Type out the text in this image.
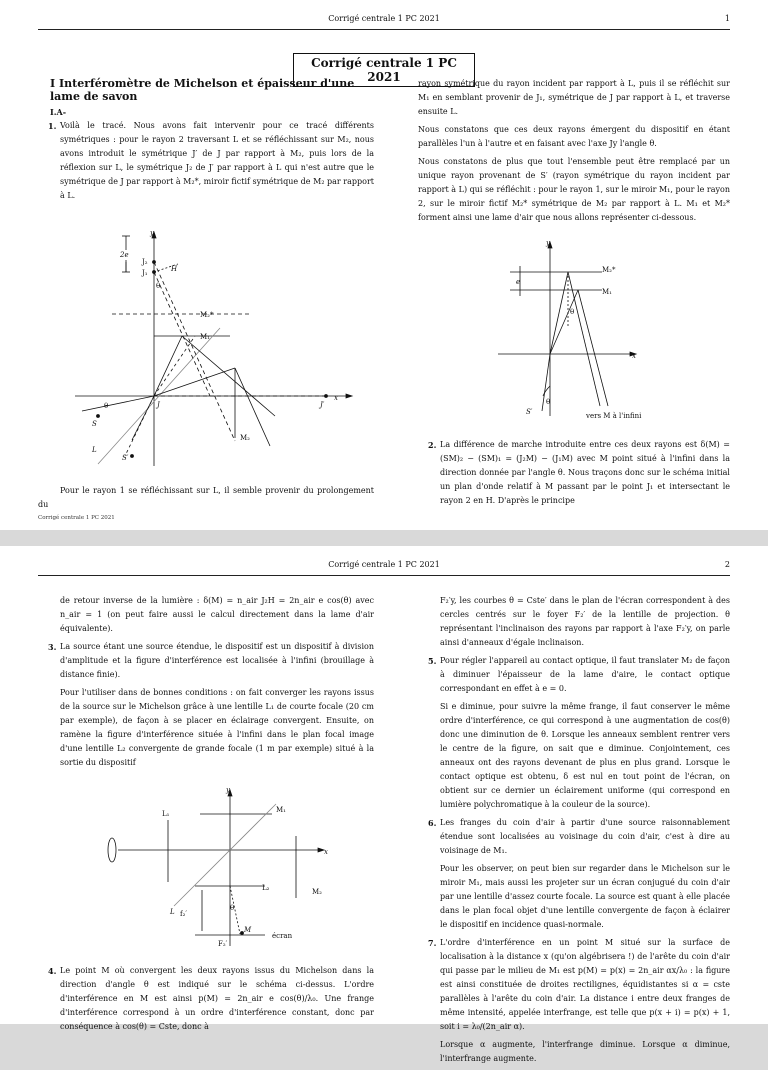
Corrigé centrale 1 PC 2021	1
Corrigé centrale 1 PC 2021
I Interféromètre de Michelson et épaisseur d'une lame de savon
I.A-
1. Voilà le tracé. Nous avons fait intervenir pour ce tracé différents symétriques : pour le rayon 2 traversant L et se réfléchissant sur M₂, nous avons introduit le symétrique J′ de J par rapport à M₂, puis lors de la réflexion sur L, le symétrique J₂ de J′ par rapport à L qui n'est autre que le symétrique de J par rapport à M₂*, miroir fictif symétrique de M₂ par rapport à L.

y
x
J₂
J₁	H
2e
θ
M₂*
M₁
M₂
J	J′
S
S′
L
θ

Pour le rayon 1 se réfléchissant sur L, il semble provenir du prolongement du

rayon symétrique du rayon incident par rapport à L, puis il se réfléchit sur M₁ en semblant provenir de J₁, symétrique de J par rapport à L, et traverse ensuite L.

Nous constatons que ces deux rayons émergent du dispositif en étant parallèles l'un à l'autre et en faisant avec l'axe Jy l'angle θ.

Nous constatons de plus que tout l'ensemble peut être remplacé par un unique rayon provenant de S′ (rayon symétrique du rayon incident par rapport à L) qui se réfléchit : pour le rayon 1, sur le miroir M₁, pour le rayon 2, sur le miroir fictif M₂* symétrique de M₂ par rapport à L. M₁ et M₂* forment ainsi une lame d'air que nous allons représenter ci-dessous.

y
x
e
M₂*
M₁
θ
θ
S′	vers M à l'infini
2. La différence de marche introduite entre ces deux rayons est δ(M) = (SM)₂ − (SM)₁ = (J₂M) − (J₁M) avec M point situé à l'infini dans la direction donnée par l'angle θ. Nous traçons donc sur le schéma initial un plan d'onde relatif à M passant par le point J₁ et intersectant le rayon 2 en H. D'après le principe

Corrigé centrale 1 PC 2021
Corrigé centrale 1 PC 2021	2

de retour inverse de la lumière : δ(M) = n_air J₂H = 2n_air e cos(θ) avec n_air = 1 (on peut faire aussi le calcul directement dans la lame d'air équivalente).

3. La source étant une source étendue, le dispositif est un dispositif à division d'amplitude et la figure d'interférence est localisée à l'infini (brouillage à distance finie).

Pour l'utiliser dans de bonnes conditions : on fait converger les rayons issus de la source sur le Michelson grâce à une lentille L₁ de courte focale (20 cm par exemple), de façon à se placer en éclairage convergent. Ensuite, on ramène la figure d'interférence située à l'infini dans le plan focal image d'une lentille L₂ convergente de grande focale (1 m par exemple) situé à la sortie du dispositif

y
x
M₁
M₂
L₁
L₂
L f₂′
F₂′
θ
M
écran
4. Le point M où convergent les deux rayons issus du Michelson dans la direction d'angle θ est indiqué sur le schéma ci-dessus. L'ordre d'interférence en M est ainsi p(M) = 2n_air e cos(θ)/λ₀. Une frange d'interférence correspond à un ordre d'interférence constant, donc par conséquence à cos(θ) = Cste, donc à

F₂′y, les courbes θ = Cste′ dans le plan de l'écran correspondent à des cercles centrés sur le foyer F₂′ de la lentille de projection. θ représentant l'inclinaison des rayons par rapport à l'axe F₂′y, on parle ainsi d'anneaux d'égale inclinaison.

5. Pour régler l'appareil au contact optique, il faut translater M₂ de façon à diminuer l'épaisseur de la lame d'aire, le contact optique correspondant en effet à e = 0.

Si e diminue, pour suivre la même frange, il faut conserver le même ordre d'interférence, ce qui correspond à une augmentation de cos(θ) donc une diminution de θ. Lorsque les anneaux semblent rentrer vers le centre de la figure, on sait que e diminue. Conjointement, ces anneaux ont des rayons devenant de plus en plus grand. Lorsque le contact optique est obtenu, δ est nul en tout point de l'écran, on obtient sur ce dernier un éclairement uniforme (qui correspond en lumière polychromatique à la couleur de la source).

6. Les franges du coin d'air à partir d'une source raisonnablement étendue sont localisées au voisinage du coin d'air, c'est à dire au voisinage de M₁.

Pour les observer, on peut bien sur regarder dans le Michelson sur le miroir M₁, mais aussi les projeter sur un écran conjugué du coin d'air par une lentille d'assez courte focale. La source est quant à elle placée dans le plan focal objet d'une lentille convergente de façon à éclairer le dispositif en incidence quasi-normale.

7. L'ordre d'interférence en un point M situé sur la surface de localisation à la distance x (qu'on algébrisera !) de l'arête du coin d'air qui passe par le milieu de M₁ est p(M) = p(x) = 2n_air αx/λ₀ : la figure est ainsi constituée de droites rectilignes, équidistantes si α = cste parallèles à l'arête du coin d'air. La distance i entre deux franges de même intensité, appelée interfrange, est telle que p(x + i) = p(x) + 1, soit i = λ₀/(2n_air α).

Lorsque α augmente, l'interfrange diminue. Lorsque α diminue, l'interfrange augmente.
